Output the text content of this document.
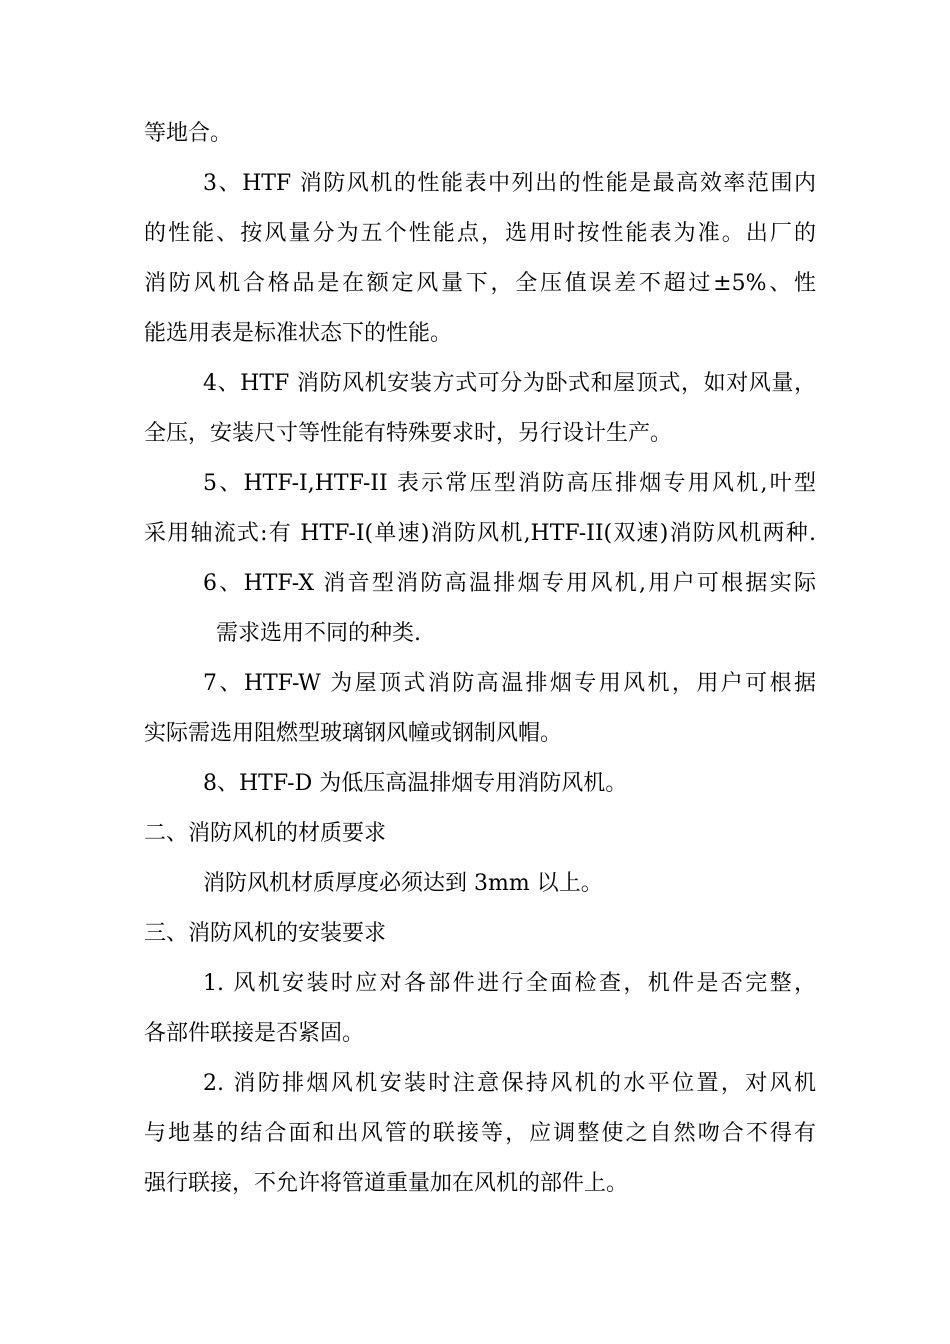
等地合。
3、HTF 消防风机的性能表中列出的性能是最高效率范围内
的性能、按风量分为五个性能点，选用时按性能表为准。出厂的
消防风机合格品是在额定风量下，全压值误差不超过±5%、性
能选用表是标准状态下的性能。
4、HTF 消防风机安装方式可分为卧式和屋顶式，如对风量，
全压，安装尺寸等性能有特殊要求时，另行设计生产。
5、HTF-I,HTF-II 表示常压型消防高压排烟专用风机,叶型
采用轴流式:有 HTF-I(单速)消防风机,HTF-II(双速)消防风机两种.
6、HTF-X 消音型消防高温排烟专用风机,用户可根据实际
需求选用不同的种类.
7、HTF-W 为屋顶式消防高温排烟专用风机，用户可根据
实际需选用阻燃型玻璃钢风幢或钢制风帽。
8、HTF-D 为低压高温排烟专用消防风机。
二、消防风机的材质要求
消防风机材质厚度必须达到 3mm 以上。
三、消防风机的安装要求
1. 风机安装时应对各部件进行全面检查，机件是否完整，
各部件联接是否紧固。
2. 消防排烟风机安装时注意保持风机的水平位置，对风机
与地基的结合面和出风管的联接等，应调整使之自然吻合不得有
强行联接，不允许将管道重量加在风机的部件上。
